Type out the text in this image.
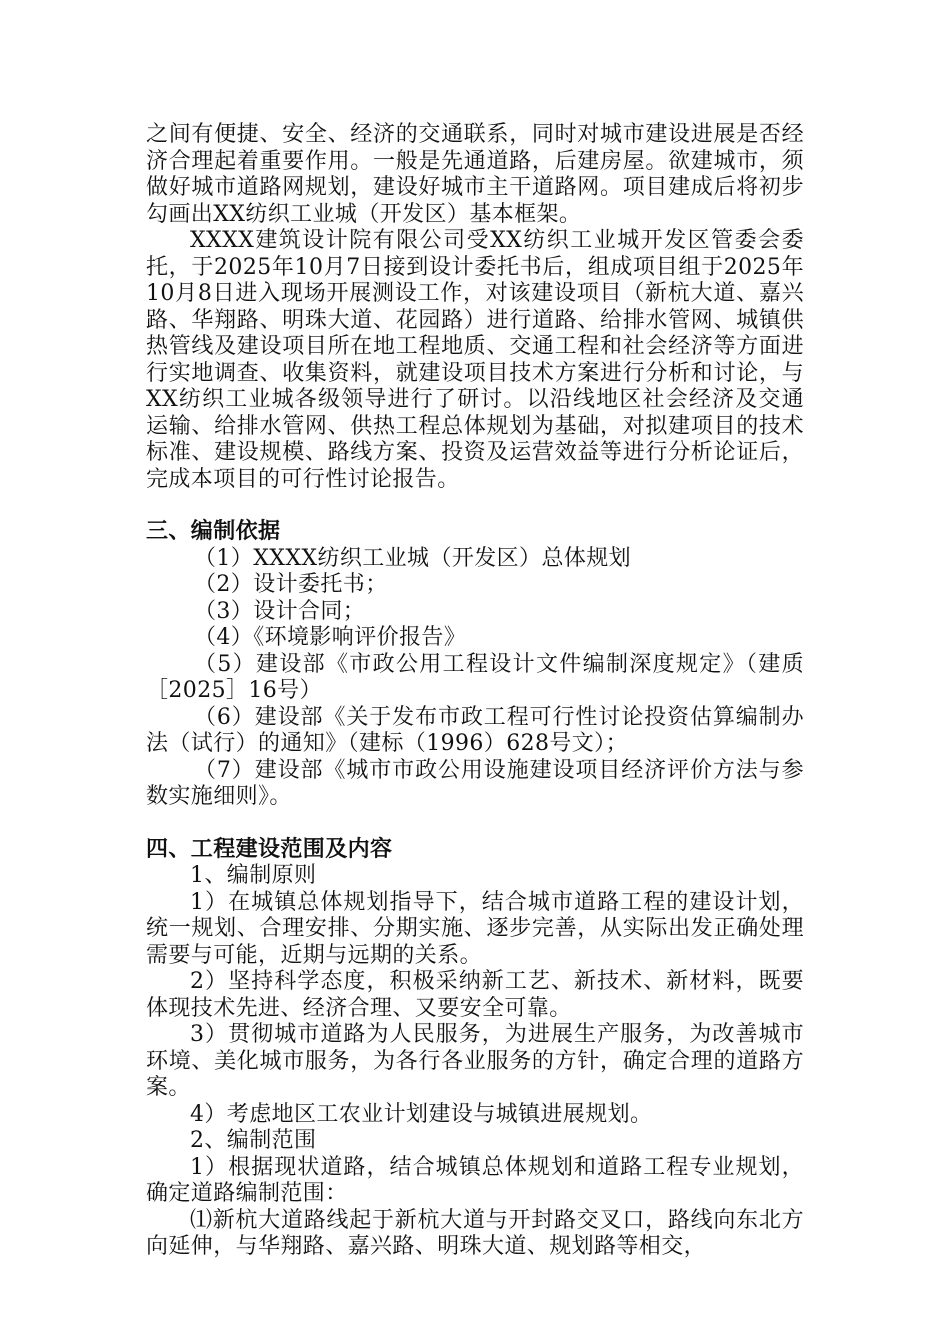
之间有便捷、安全、经济的交通联系，同时对城市建设进展是否经济合理起着重要作用。一般是先通道路，后建房屋。欲建城市，须做好城市道路网规划，建设好城市主干道路网。项目建成后将初步勾画出XX纺织工业城（开发区）基本框架。

XXXX建筑设计院有限公司受XX纺织工业城开发区管委会委托，于2025年10月7日接到设计委托书后，组成项目组于2025年10月8日进入现场开展测设工作，对该建设项目（新杭大道、嘉兴路、华翔路、明珠大道、花园路）进行道路、给排水管网、城镇供热管线及建设项目所在地工程地质、交通工程和社会经济等方面进行实地调查、收集资料，就建设项目技术方案进行分析和讨论，与XX纺织工业城各级领导进行了研讨。以沿线地区社会经济及交通运输、给排水管网、供热工程总体规划为基础，对拟建项目的技术标准、建设规模、路线方案、投资及运营效益等进行分析论证后，完成本项目的可行性讨论报告。

三、编制依据

（1）XXXX纺织工业城（开发区）总体规划

（2）设计委托书；

（3）设计合同；

（4）《环境影响评价报告》

（5）建设部《市政公用工程设计文件编制深度规定》（建质［2025］16号）

（6）建设部《关于发布市政工程可行性讨论投资估算编制办法（试行）的通知》（建标（1996）628号文）；

（7）建设部《城市市政公用设施建设项目经济评价方法与参数实施细则》。

四、工程建设范围及内容

1、编制原则

1）在城镇总体规划指导下，结合城市道路工程的建设计划，统一规划、合理安排、分期实施、逐步完善，从实际出发正确处理需要与可能，近期与远期的关系。

2）坚持科学态度，积极采纳新工艺、新技术、新材料，既要体现技术先进、经济合理、又要安全可靠。

3）贯彻城市道路为人民服务，为进展生产服务，为改善城市环境、美化城市服务，为各行各业服务的方针，确定合理的道路方案。

4）考虑地区工农业计划建设与城镇进展规划。

2、编制范围

1）根据现状道路，结合城镇总体规划和道路工程专业规划，确定道路编制范围：

⑴新杭大道路线起于新杭大道与开封路交叉口，路线向东北方向延伸，与华翔路、嘉兴路、明珠大道、规划路等相交，
